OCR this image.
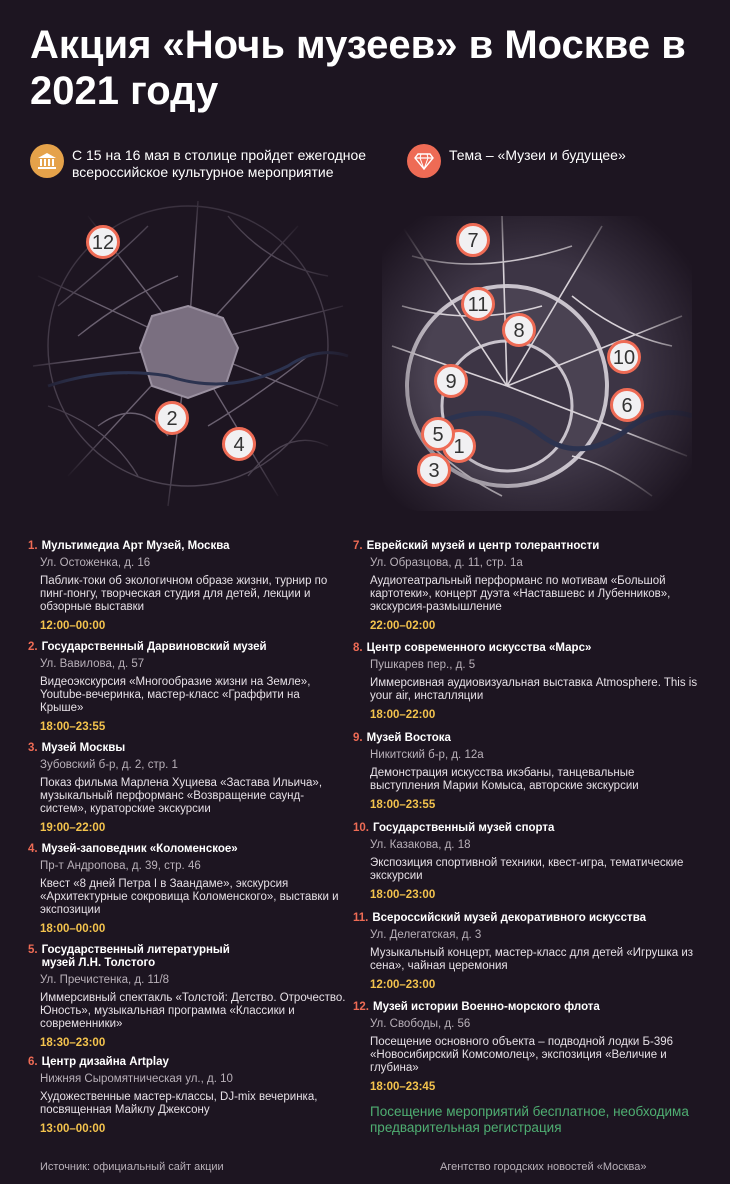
Акция «Ночь музеев» в Москве в 2021 году
С 15 на 16 мая в столице пройдет ежегодное всероссийское культурное мероприятие
Тема – «Музеи и будущее»
12
2
4
7
11
8
10
9
6
1
5
3
1. Мультимедиа Арт Музей, Москва
Ул. Остоженка, д. 16
Паблик-токи об экологичном образе жизни, турнир по пинг-понгу, творческая студия для детей, лекции и обзорные выставки
12:00–00:00
2. Государственный Дарвиновский музей
Ул. Вавилова, д. 57
Видеоэкскурсия «Многообразие жизни на Земле», Youtube-вечеринка, мастер-класс «Граффити на Крыше»
18:00–23:55
3. Музей Москвы
Зубовский б-р, д. 2, стр. 1
Показ фильма Марлена Хуциева «Застава Ильича», музыкальный перформанс «Возвращение саунд-систем», кураторские экскурсии
19:00–22:00
4. Музей-заповедник «Коломенское»
Пр-т Андропова, д. 39, стр. 46
Квест «8 дней Петра I в Заандаме», экскурсия «Архитектурные сокровища Коломенского», выставки и экспозиции
18:00–00:00
5. Государственный литературный музей Л.Н. Толстого
Ул. Пречистенка, д. 11/8
Иммерсивный спектакль «Толстой: Детство. Отрочество. Юность», музыкальная программа «Классики и современники»
18:30–23:00
6. Центр дизайна Artplay
Нижняя Сыромятническая ул., д. 10
Художественные мастер-классы, DJ-mix вечеринка, посвященная Майклу Джексону
13:00–00:00
7. Еврейский музей и центр толерантности
Ул. Образцова, д. 11, стр. 1а
Аудиотеатральный перформанс по мотивам «Большой картотеки», концерт дуэта «Наставшевс и Лубенников», экскурсия-размышление
22:00–02:00
8. Центр современного искусства «Марс»
Пушкарев пер., д. 5
Иммерсивная аудиовизуальная выставка Atmosphere. This is your air, инсталляции
18:00–22:00
9. Музей Востока
Никитский б-р, д. 12а
Демонстрация искусства икэбаны, танцевальные выступления Марии Комыса, авторские экскурсии
18:00–23:55
10. Государственный музей спорта
Ул. Казакова, д. 18
Экспозиция спортивной техники, квест-игра, тематические экскурсии
18:00–23:00
11. Всероссийский музей декоративного искусства
Ул. Делегатская, д. 3
Музыкальный концерт, мастер-класс для детей «Игрушка из сена», чайная церемония
12:00–23:00
12. Музей истории Военно-морского флота
Ул. Свободы, д. 56
Посещение основного объекта – подводной лодки Б-396 «Новосибирский Комсомолец», экспозиция «Величие и глубина»
18:00–23:45
Посещение мероприятий бесплатное, необходима предварительная регистрация
Источник: официальный сайт акции	Агентство городских новостей «Москва»
